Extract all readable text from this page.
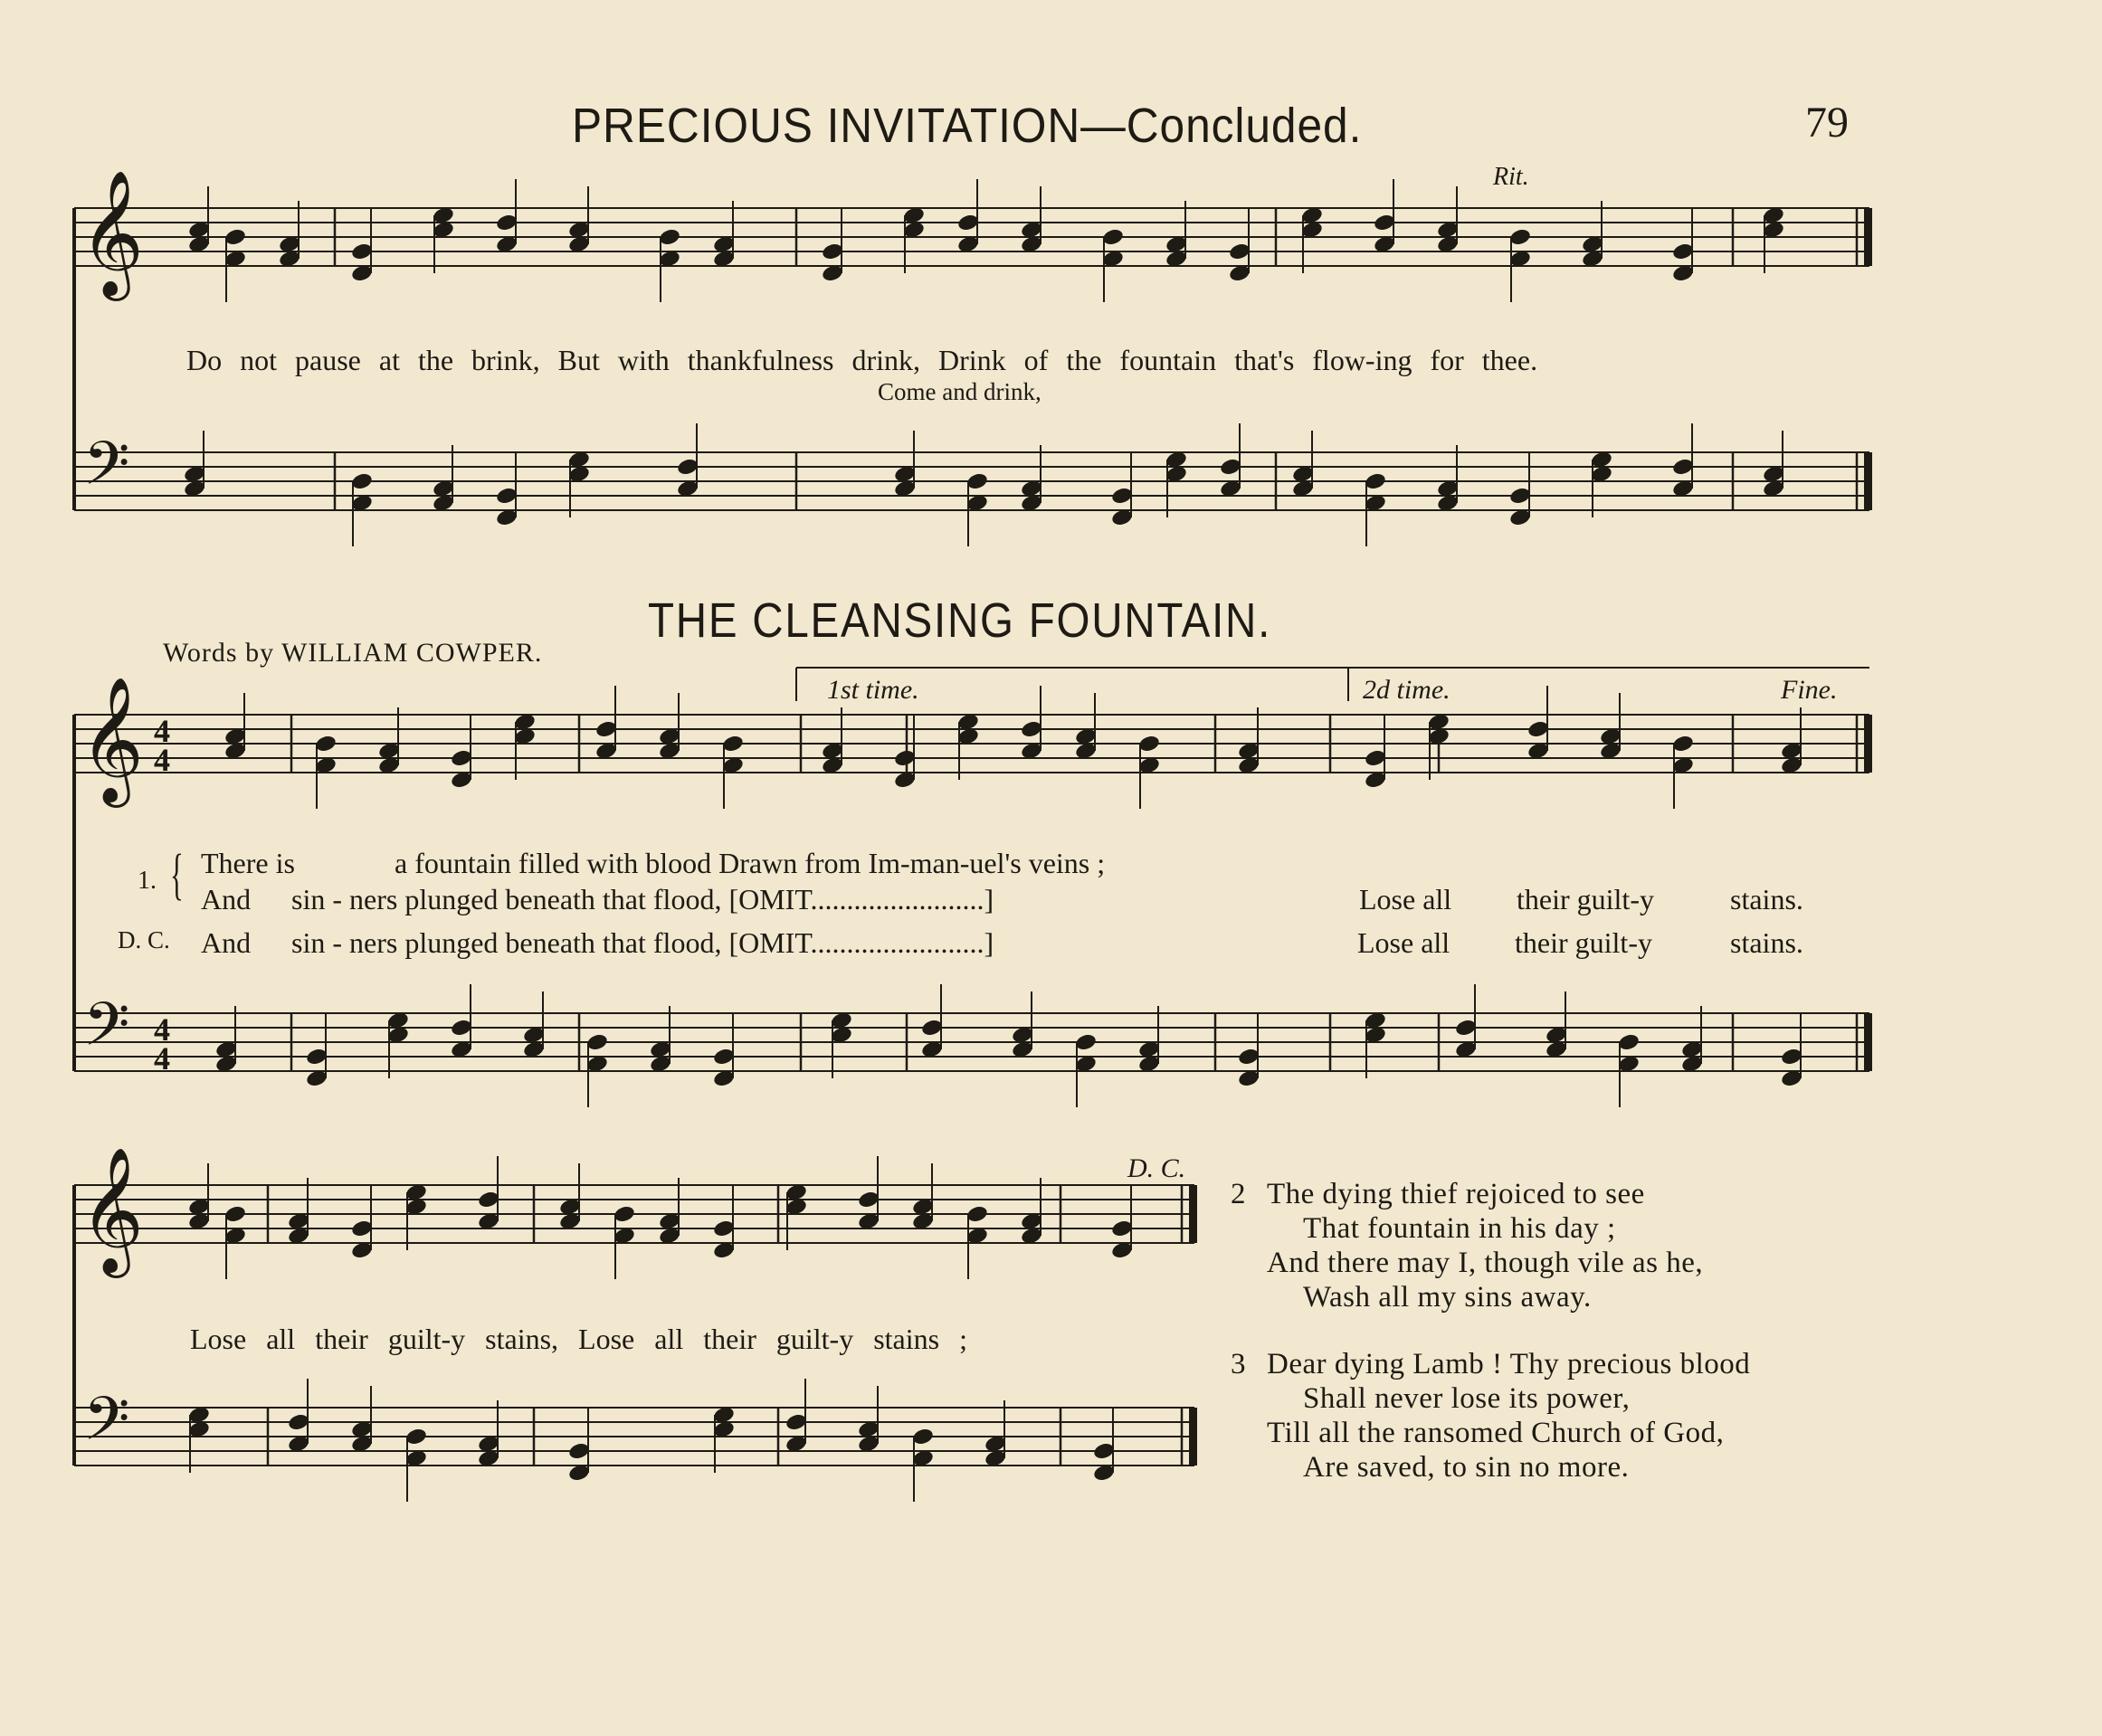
𝄞
𝄢
𝄞
𝄢
4
4
4
4
𝄞
𝄢
PRECIOUS INVITATION—Concluded.	79
Rit.
Do not pause at the brink, But with thankfulness drink, Drink of the fountain that's flow-ing for thee.
Come and drink,
Words by WILLIAM COWPER.
THE CLEANSING FOUNTAIN.
1st time.	2d time.	Fine.
1. { There is	a fountain filled with blood Drawn from Im-man-uel's veins ;
And sin - ners plunged beneath that flood, [OMIT........................]	Lose all their guilt-y	stains.
D. C. And sin - ners plunged beneath that flood, [OMIT........................]	Lose all their guilt-y	stains.
D. C.
Lose all their guilt-y stains, Lose all their guilt-y stains ;
2 The dying thief rejoiced to see
That fountain in his day ;
And there may I, though vile as he,
Wash all my sins away.
3 Dear dying Lamb ! Thy precious blood
Shall never lose its power,
Till all the ransomed Church of God,
Are saved, to sin no more.
